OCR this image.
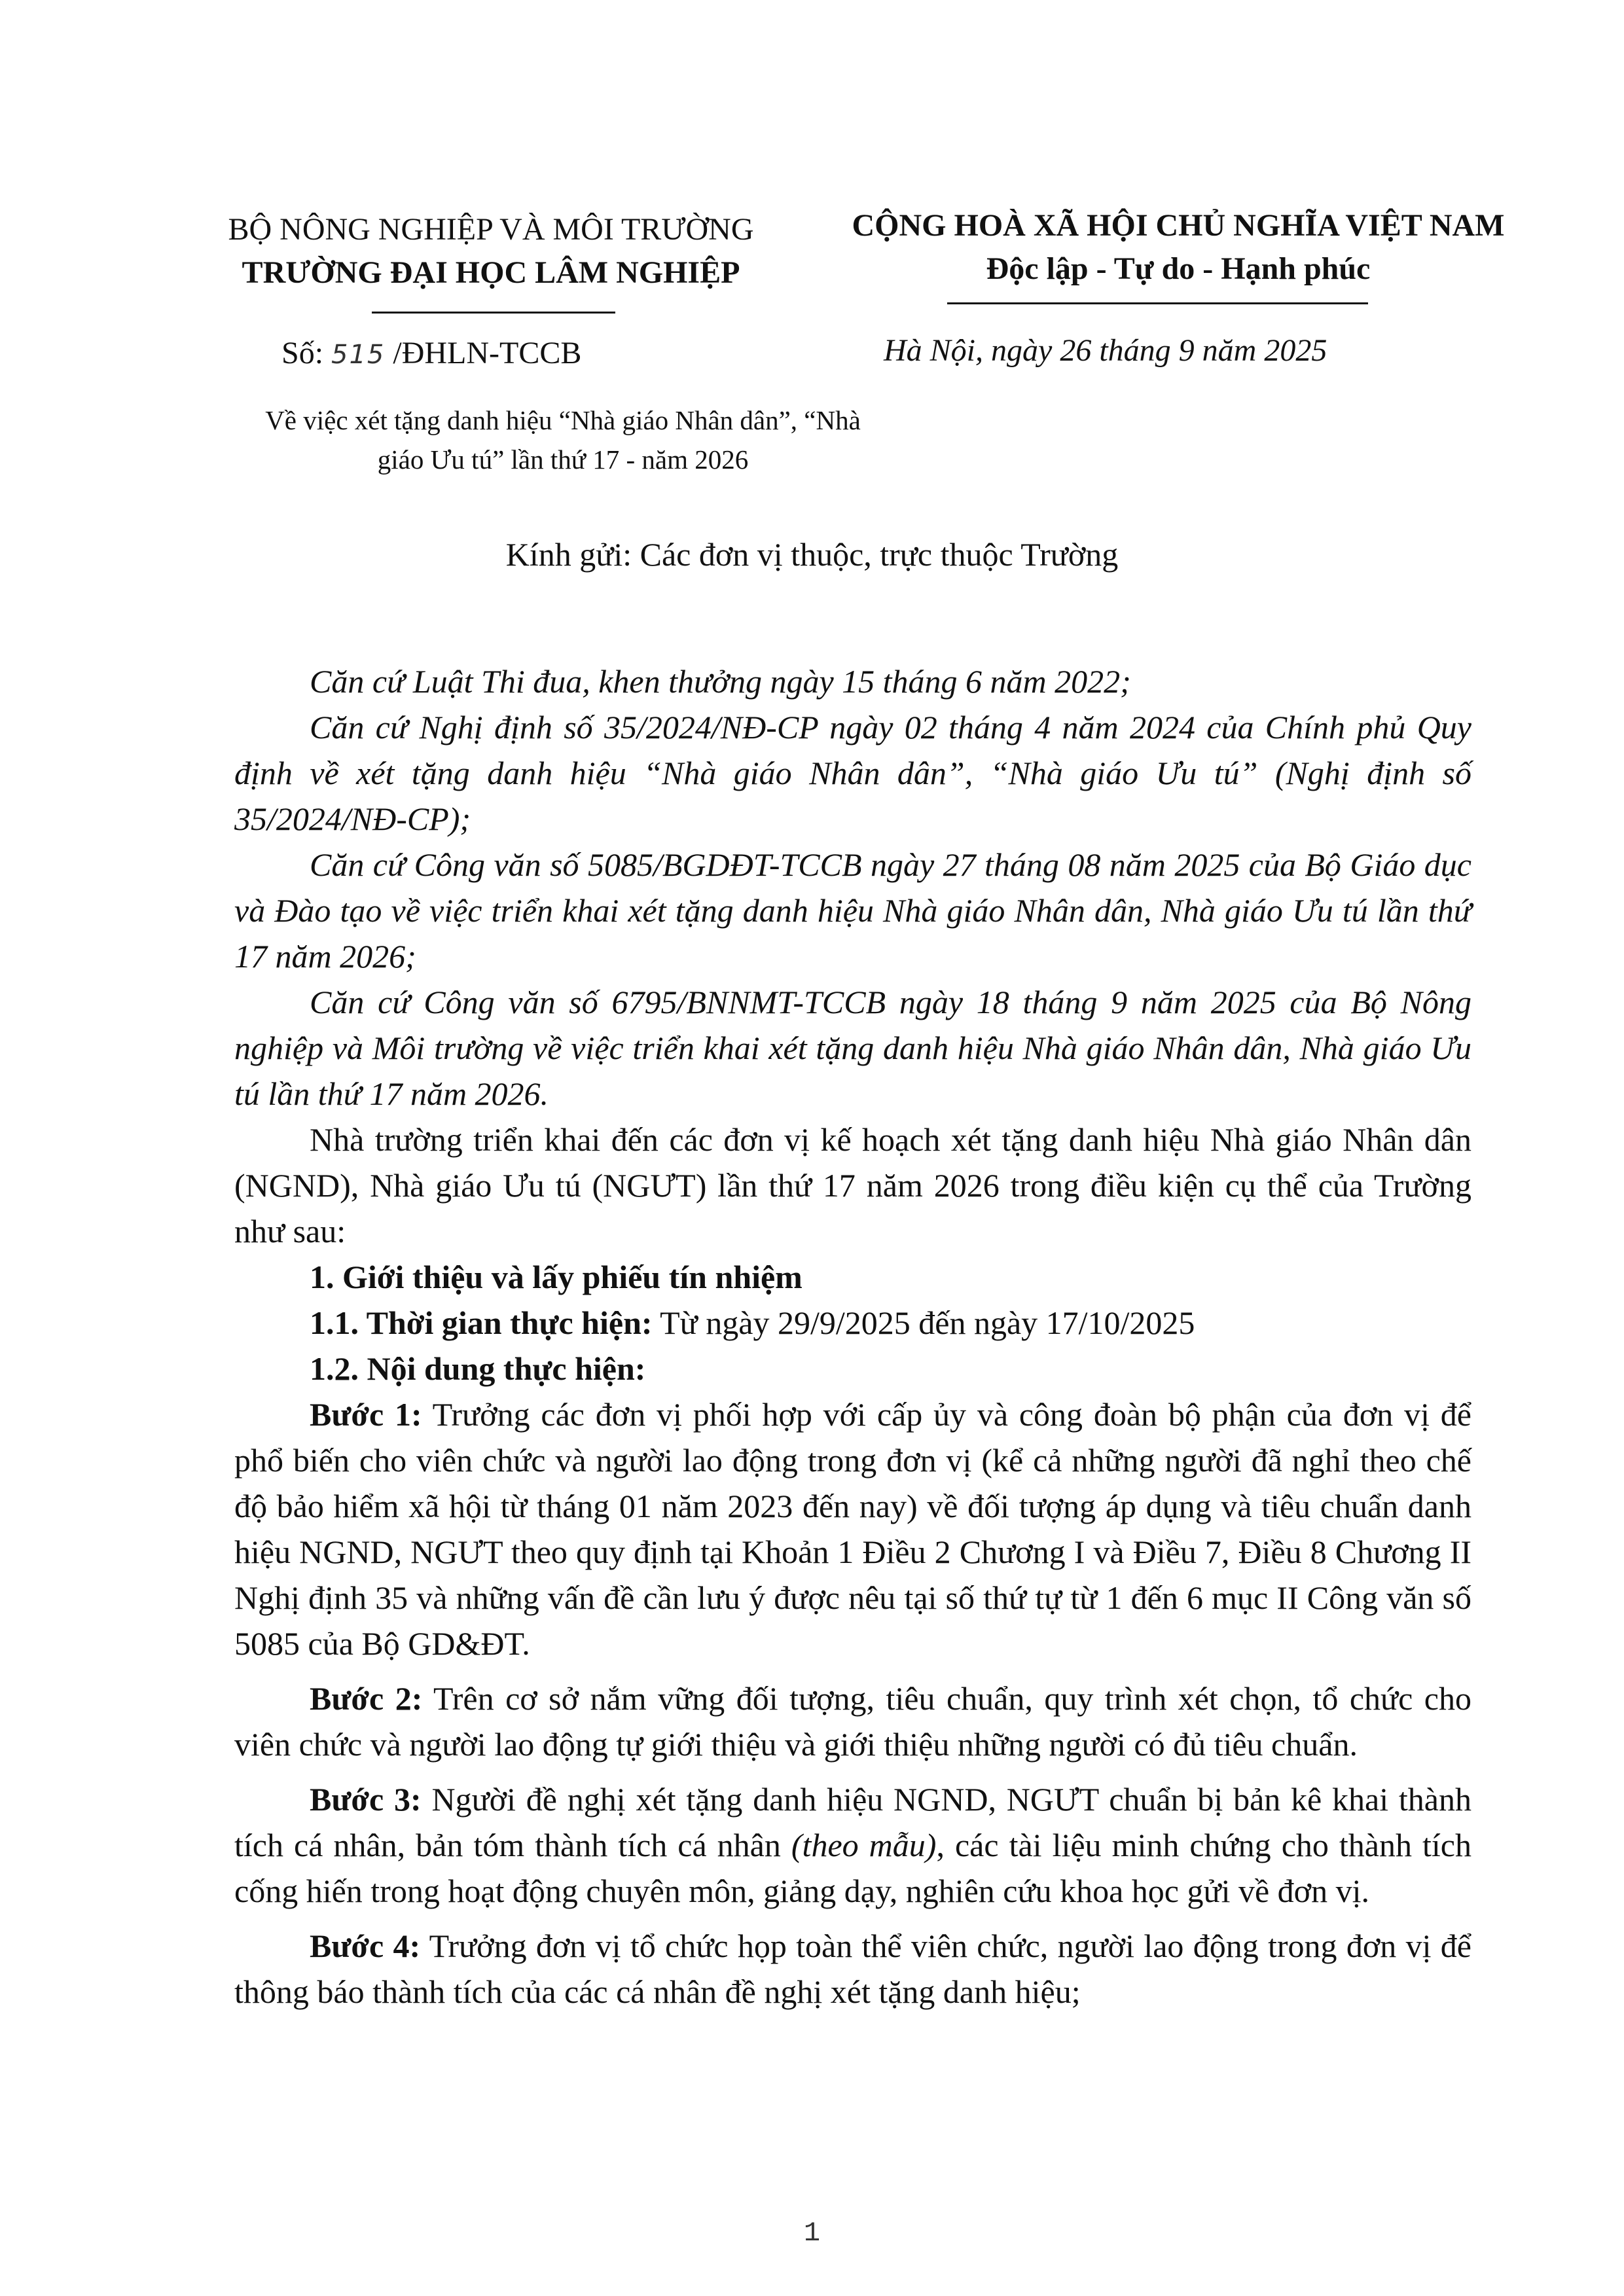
BỘ NÔNG NGHIỆP VÀ MÔI TRƯỜNG
TRƯỜNG ĐẠI HỌC LÂM NGHIỆP
CỘNG HOÀ XÃ HỘI CHỦ NGHĨA VIỆT NAM
Độc lập - Tự do - Hạnh phúc
Số: 515 /ĐHLN-TCCB	Hà Nội, ngày 26 tháng 9 năm 2025
Về việc xét tặng danh hiệu “Nhà giáo Nhân dân”, “Nhà giáo Ưu tú” lần thứ 17 - năm 2026
Kính gửi: Các đơn vị thuộc, trực thuộc Trường

Căn cứ Luật Thi đua, khen thưởng ngày 15 tháng 6 năm 2022;

Căn cứ Nghị định số 35/2024/NĐ-CP ngày 02 tháng 4 năm 2024 của Chính phủ Quy định về xét tặng danh hiệu “Nhà giáo Nhân dân”, “Nhà giáo Ưu tú” (Nghị định số 35/2024/NĐ-CP);

Căn cứ Công văn số 5085/BGDĐT-TCCB ngày 27 tháng 08 năm 2025 của Bộ Giáo dục và Đào tạo về việc triển khai xét tặng danh hiệu Nhà giáo Nhân dân, Nhà giáo Ưu tú lần thứ 17 năm 2026;

Căn cứ Công văn số 6795/BNNMT-TCCB ngày 18 tháng 9 năm 2025 của Bộ Nông nghiệp và Môi trường về việc triển khai xét tặng danh hiệu Nhà giáo Nhân dân, Nhà giáo Ưu tú lần thứ 17 năm 2026.

Nhà trường triển khai đến các đơn vị kế hoạch xét tặng danh hiệu Nhà giáo Nhân dân (NGND), Nhà giáo Ưu tú (NGƯT) lần thứ 17 năm 2026 trong điều kiện cụ thể của Trường như sau:

1. Giới thiệu và lấy phiếu tín nhiệm

1.1. Thời gian thực hiện: Từ ngày 29/9/2025 đến ngày 17/10/2025

1.2. Nội dung thực hiện:

Bước 1: Trưởng các đơn vị phối hợp với cấp ủy và công đoàn bộ phận của đơn vị để phổ biến cho viên chức và người lao động trong đơn vị (kể cả những người đã nghỉ theo chế độ bảo hiểm xã hội từ tháng 01 năm 2023 đến nay) về đối tượng áp dụng và tiêu chuẩn danh hiệu NGND, NGƯT theo quy định tại Khoản 1 Điều 2 Chương I và Điều 7, Điều 8 Chương II Nghị định 35 và những vấn đề cần lưu ý được nêu tại số thứ tự từ 1 đến 6 mục II Công văn số 5085 của Bộ GD&ĐT.

Bước 2: Trên cơ sở nắm vững đối tượng, tiêu chuẩn, quy trình xét chọn, tổ chức cho viên chức và người lao động tự giới thiệu và giới thiệu những người có đủ tiêu chuẩn.

Bước 3: Người đề nghị xét tặng danh hiệu NGND, NGƯT chuẩn bị bản kê khai thành tích cá nhân, bản tóm thành tích cá nhân (theo mẫu), các tài liệu minh chứng cho thành tích cống hiến trong hoạt động chuyên môn, giảng dạy, nghiên cứu khoa học gửi về đơn vị.

Bước 4: Trưởng đơn vị tổ chức họp toàn thể viên chức, người lao động trong đơn vị để thông báo thành tích của các cá nhân đề nghị xét tặng danh hiệu;

1
